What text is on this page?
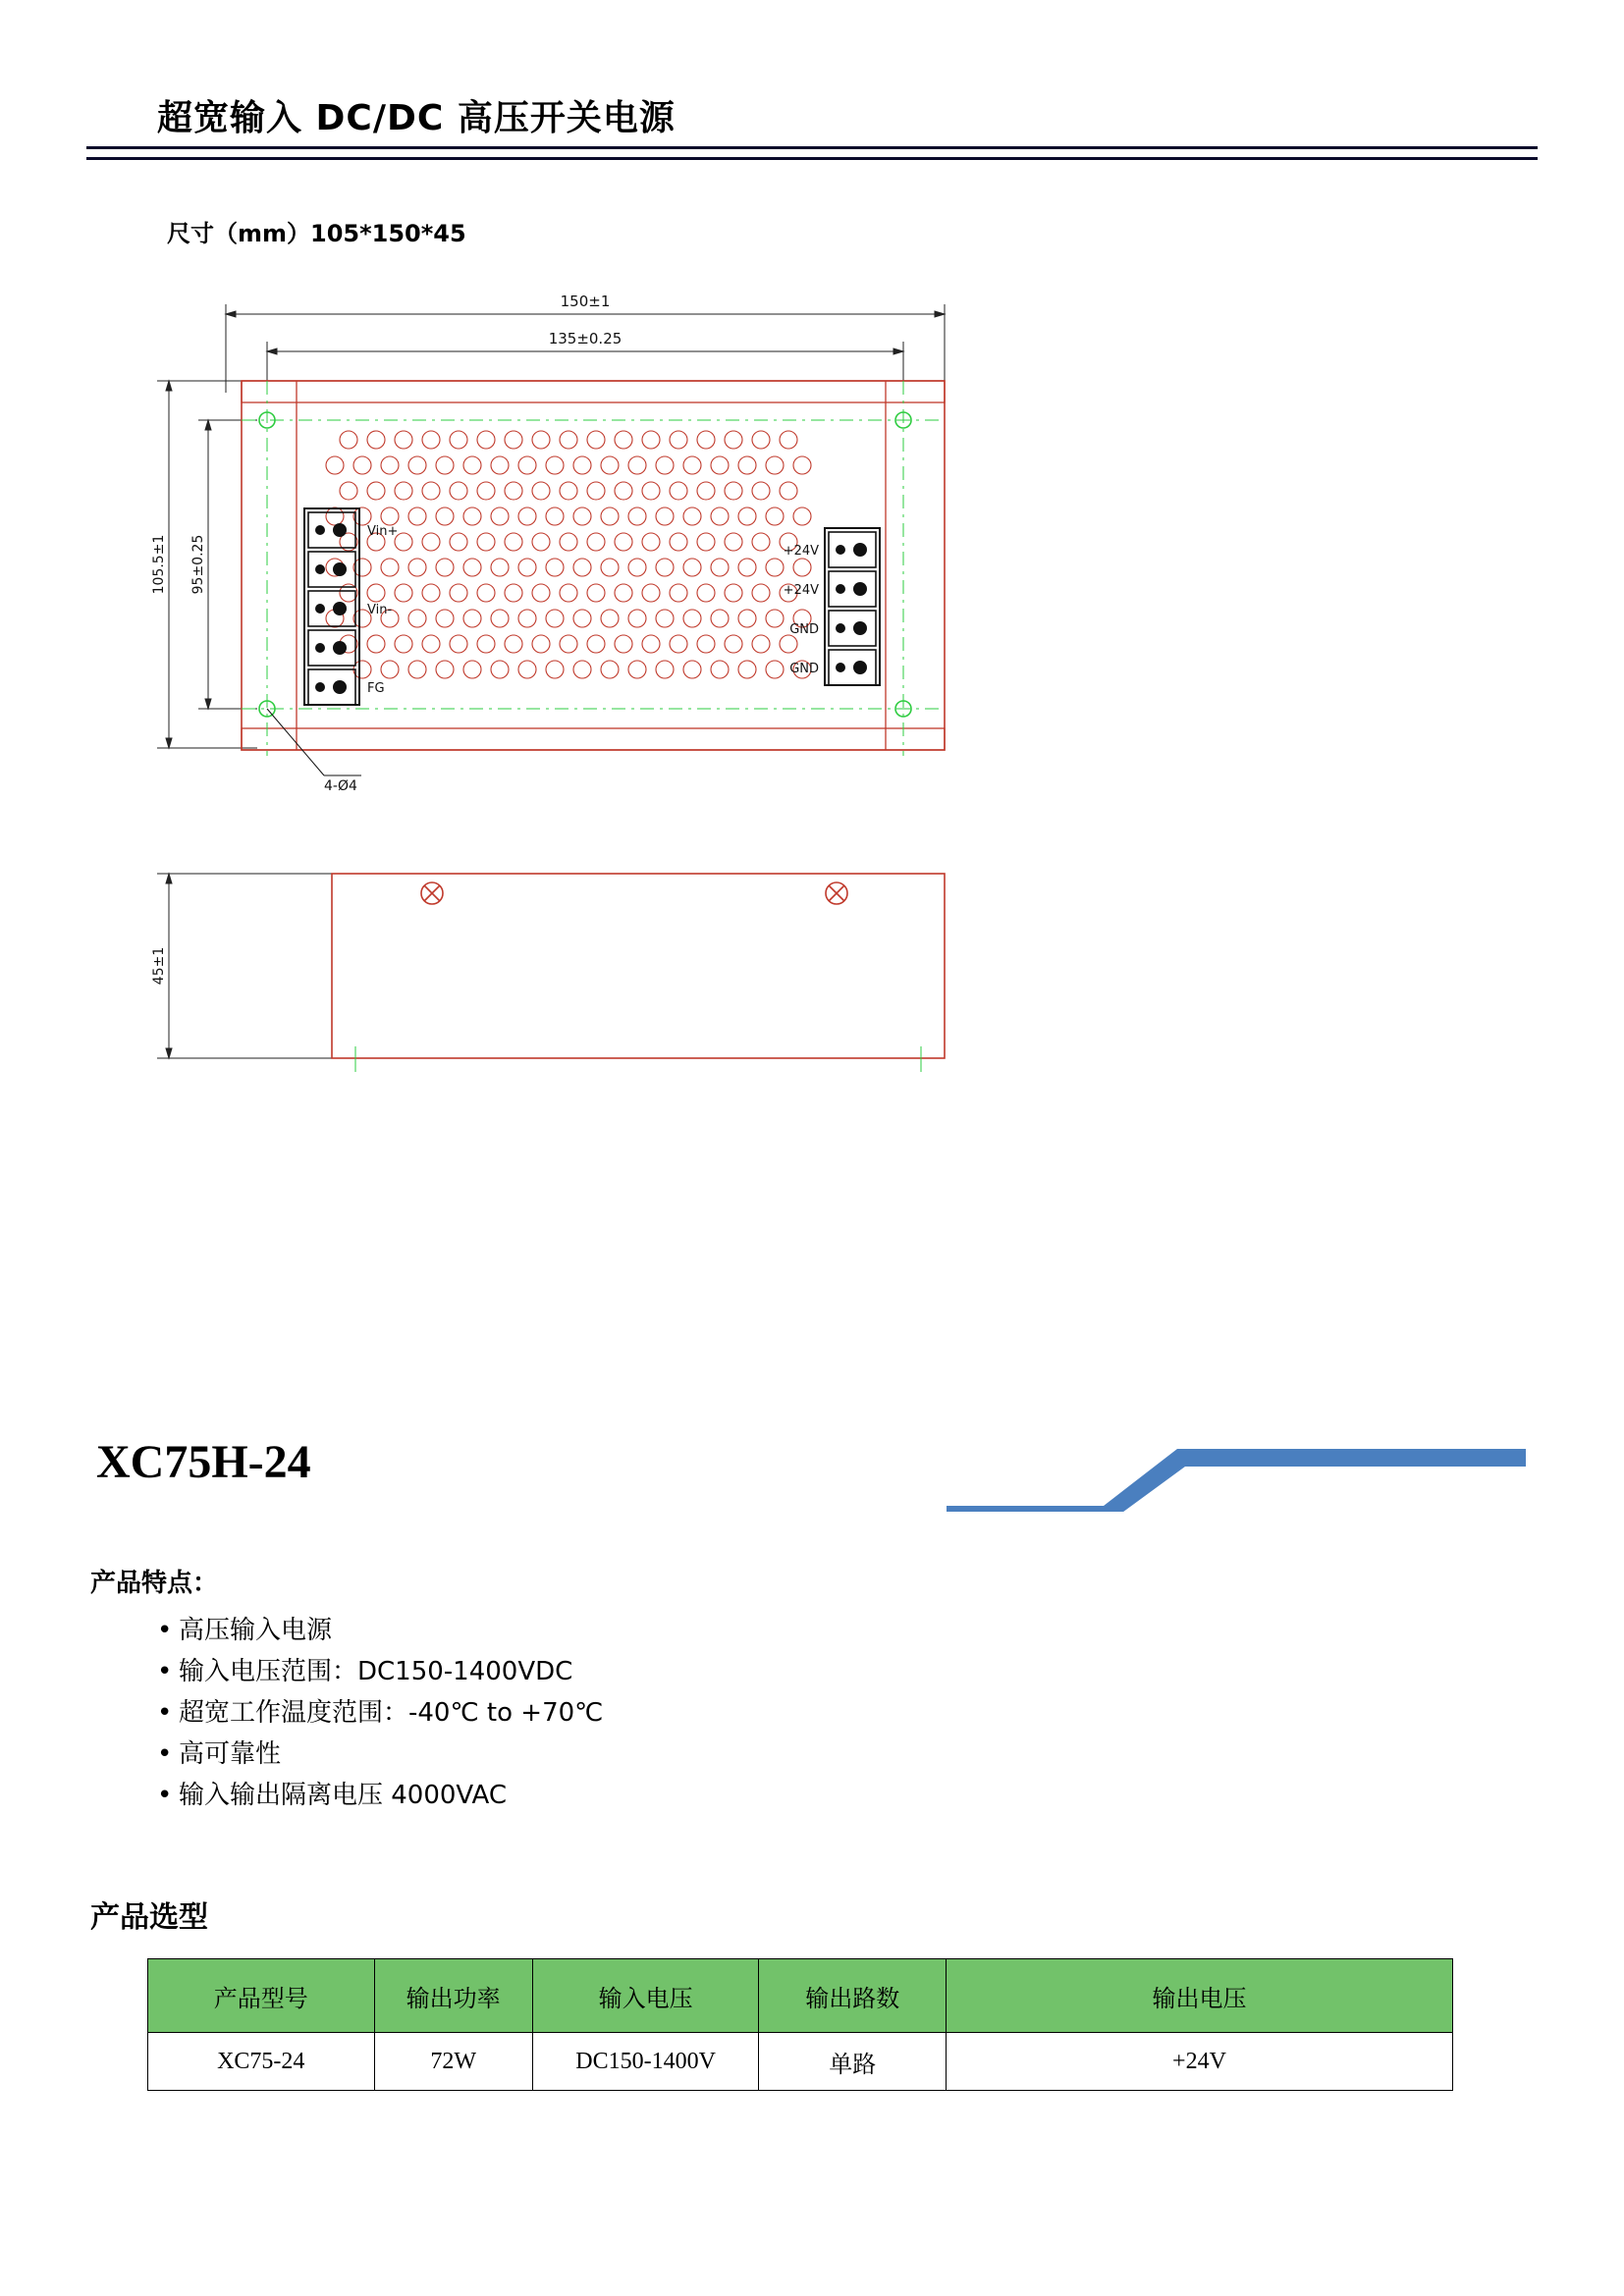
超宽输入 DC/DC 高压开关电源
尺寸（mm）105*150*45
150±1
135±0.25
105.5±1 95±0.25
Vin+
Vin-
FG
+24V
+24V
GND
GND
4-Ø4
45±1
XC75H-24
产品特点：
• 高压输入电源
• 输入电压范围：DC150-1400VDC
• 超宽工作温度范围：-40℃ to +70℃
• 高可靠性
• 输入输出隔离电压 4000VAC
产品选型
产品型号	输出功率	输入电压	输出路数	输出电压
XC75-24	72W	DC150-1400V	单路	+24V
